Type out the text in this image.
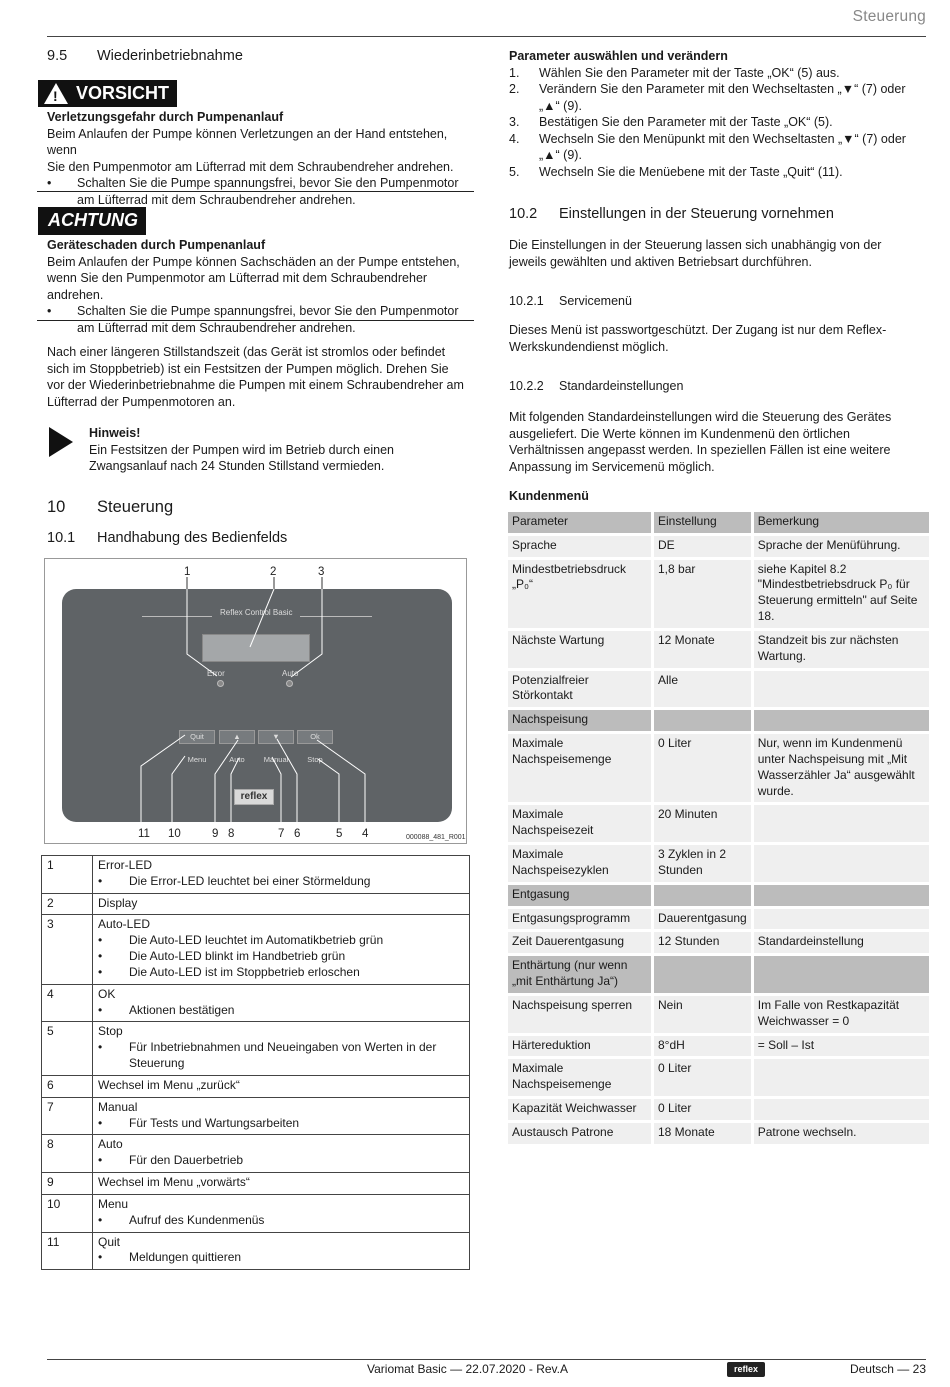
Steuerung
9.5 Wiederinbetriebnahme
! VORSICHT
Verletzungsgefahr durch Pumpenanlauf
Beim Anlaufen der Pumpe können Verletzungen an der Hand entstehen, wenn
Sie den Pumpenmotor am Lüfterrad mit dem Schraubendreher andrehen.
• Schalten Sie die Pumpe spannungsfrei, bevor Sie den Pumpenmotor am Lüfterrad mit dem Schraubendreher andrehen.
ACHTUNG
Geräteschaden durch Pumpenanlauf
Beim Anlaufen der Pumpe können Sachschäden an der Pumpe entstehen, wenn Sie den Pumpenmotor am Lüfterrad mit dem Schraubendreher andrehen.
• Schalten Sie die Pumpe spannungsfrei, bevor Sie den Pumpenmotor am Lüfterrad mit dem Schraubendreher andrehen.
Nach einer längeren Stillstandszeit (das Gerät ist stromlos oder befindet sich im Stoppbetrieb) ist ein Festsitzen der Pumpen möglich. Drehen Sie vor der Wiederinbetriebnahme die Pumpen mit einem Schraubendreher am Lüfterrad der Pumpenmotoren an.
Hinweis!
Ein Festsitzen der Pumpen wird im Betrieb durch einen Zwangsanlauf nach 24 Stunden Stillstand vermieden.
10 Steuerung
10.1 Handhabung des Bedienfelds
1	2	3
Reflex Control Basic
Error	Auto
Quit	▲	▼	Ok
Menu	Auto	Manual	Stop
reflex
11 10	9 8	7 6	5 4	000088_481_R001
1	Error-LED
• Die Error-LED leuchtet bei einer Störmeldung

2	Display

3	Auto-LED
• Die Auto-LED leuchtet im Automatikbetrieb grün
• Die Auto-LED blinkt im Handbetrieb grün
• Die Auto-LED ist im Stoppbetrieb erloschen

4	OK
• Aktionen bestätigen

5	Stop
• Für Inbetriebnahmen und Neueingaben von Werten in der Steuerung

6	Wechsel im Menu „zurück“

7	Manual
• Für Tests und Wartungsarbeiten

8	Auto
• Für den Dauerbetrieb

9	Wechsel im Menu „vorwärts“

10	Menu
• Aufruf des Kundenmenüs

11	Quit
• Meldungen quittieren
Parameter auswählen und verändern
1. Wählen Sie den Parameter mit der Taste „OK“ (5) aus.
2. Verändern Sie den Parameter mit den Wechseltasten „▼“ (7) oder „▲“ (9).
3. Bestätigen Sie den Parameter mit der Taste „OK“ (5).
4. Wechseln Sie den Menüpunkt mit den Wechseltasten „▼“ (7) oder „▲“ (9).
5. Wechseln Sie die Menüebene mit der Taste „Quit“ (11).
10.2 Einstellungen in der Steuerung vornehmen
Die Einstellungen in der Steuerung lassen sich unabhängig von der jeweils gewählten und aktiven Betriebsart durchführen.
10.2.1 Servicemenü
Dieses Menü ist passwortgeschützt. Der Zugang ist nur dem Reflex-Werkskundendienst möglich.
10.2.2 Standardeinstellungen
Mit folgenden Standardeinstellungen wird die Steuerung des Gerätes ausgeliefert. Die Werte können im Kundenmenü den örtlichen Verhältnissen angepasst werden. In speziellen Fällen ist eine weitere Anpassung im Servicemenü möglich.
Kundenmenü
Parameter	Einstellung	Bemerkung
Sprache	DE	Sprache der Menüführung.
Mindestbetriebsdruck „P₀“	1,8 bar	siehe Kapitel 8.2 "Mindestbetriebsdruck P₀ für Steuerung ermitteln" auf Seite 18.
Nächste Wartung	12 Monate	Standzeit bis zur nächsten Wartung.
Potenzialfreier Störkontakt	Alle	
Nachspeisung		
Maximale Nachspeisemenge	0 Liter	Nur, wenn im Kundenmenü unter Nachspeisung mit „Mit Wasserzähler Ja“ ausgewählt wurde.
Maximale Nachspeisezeit	20 Minuten	
Maximale Nachspeisezyklen	3 Zyklen in 2 Stunden	
Entgasung		
Entgasungsprogramm	Dauerentgasung	
Zeit Dauerentgasung	12 Stunden	Standardeinstellung
Enthärtung (nur wenn „mit Enthärtung Ja“)		
Nachspeisung sperren	Nein	Im Falle von Restkapazität Weichwasser = 0
Härtereduktion	8°dH	= Soll – Ist
Maximale Nachspeisemenge	0 Liter	
Kapazität Weichwasser	0 Liter	
Austausch Patrone	18 Monate	Patrone wechseln.
Variomat Basic — 22.07.2020 - Rev.A	reflex	Deutsch — 23
